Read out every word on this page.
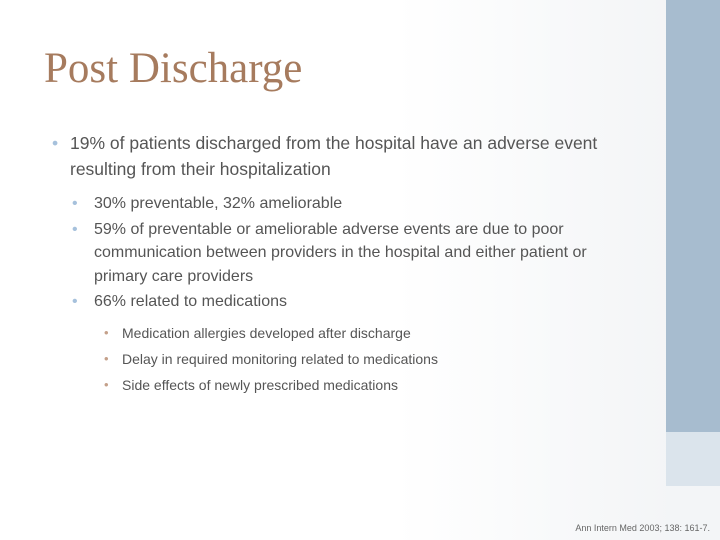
Post Discharge
• 19% of patients discharged from the hospital have an adverse event resulting from their hospitalization
• 30% preventable, 32% ameliorable
• 59% of preventable or ameliorable adverse events are due to poor communication between providers in the hospital and either patient or primary care providers
• 66% related to medications
• Medication allergies developed after discharge
• Delay in required monitoring related to medications
• Side effects of newly prescribed medications
Ann Intern Med 2003; 138: 161-7.
